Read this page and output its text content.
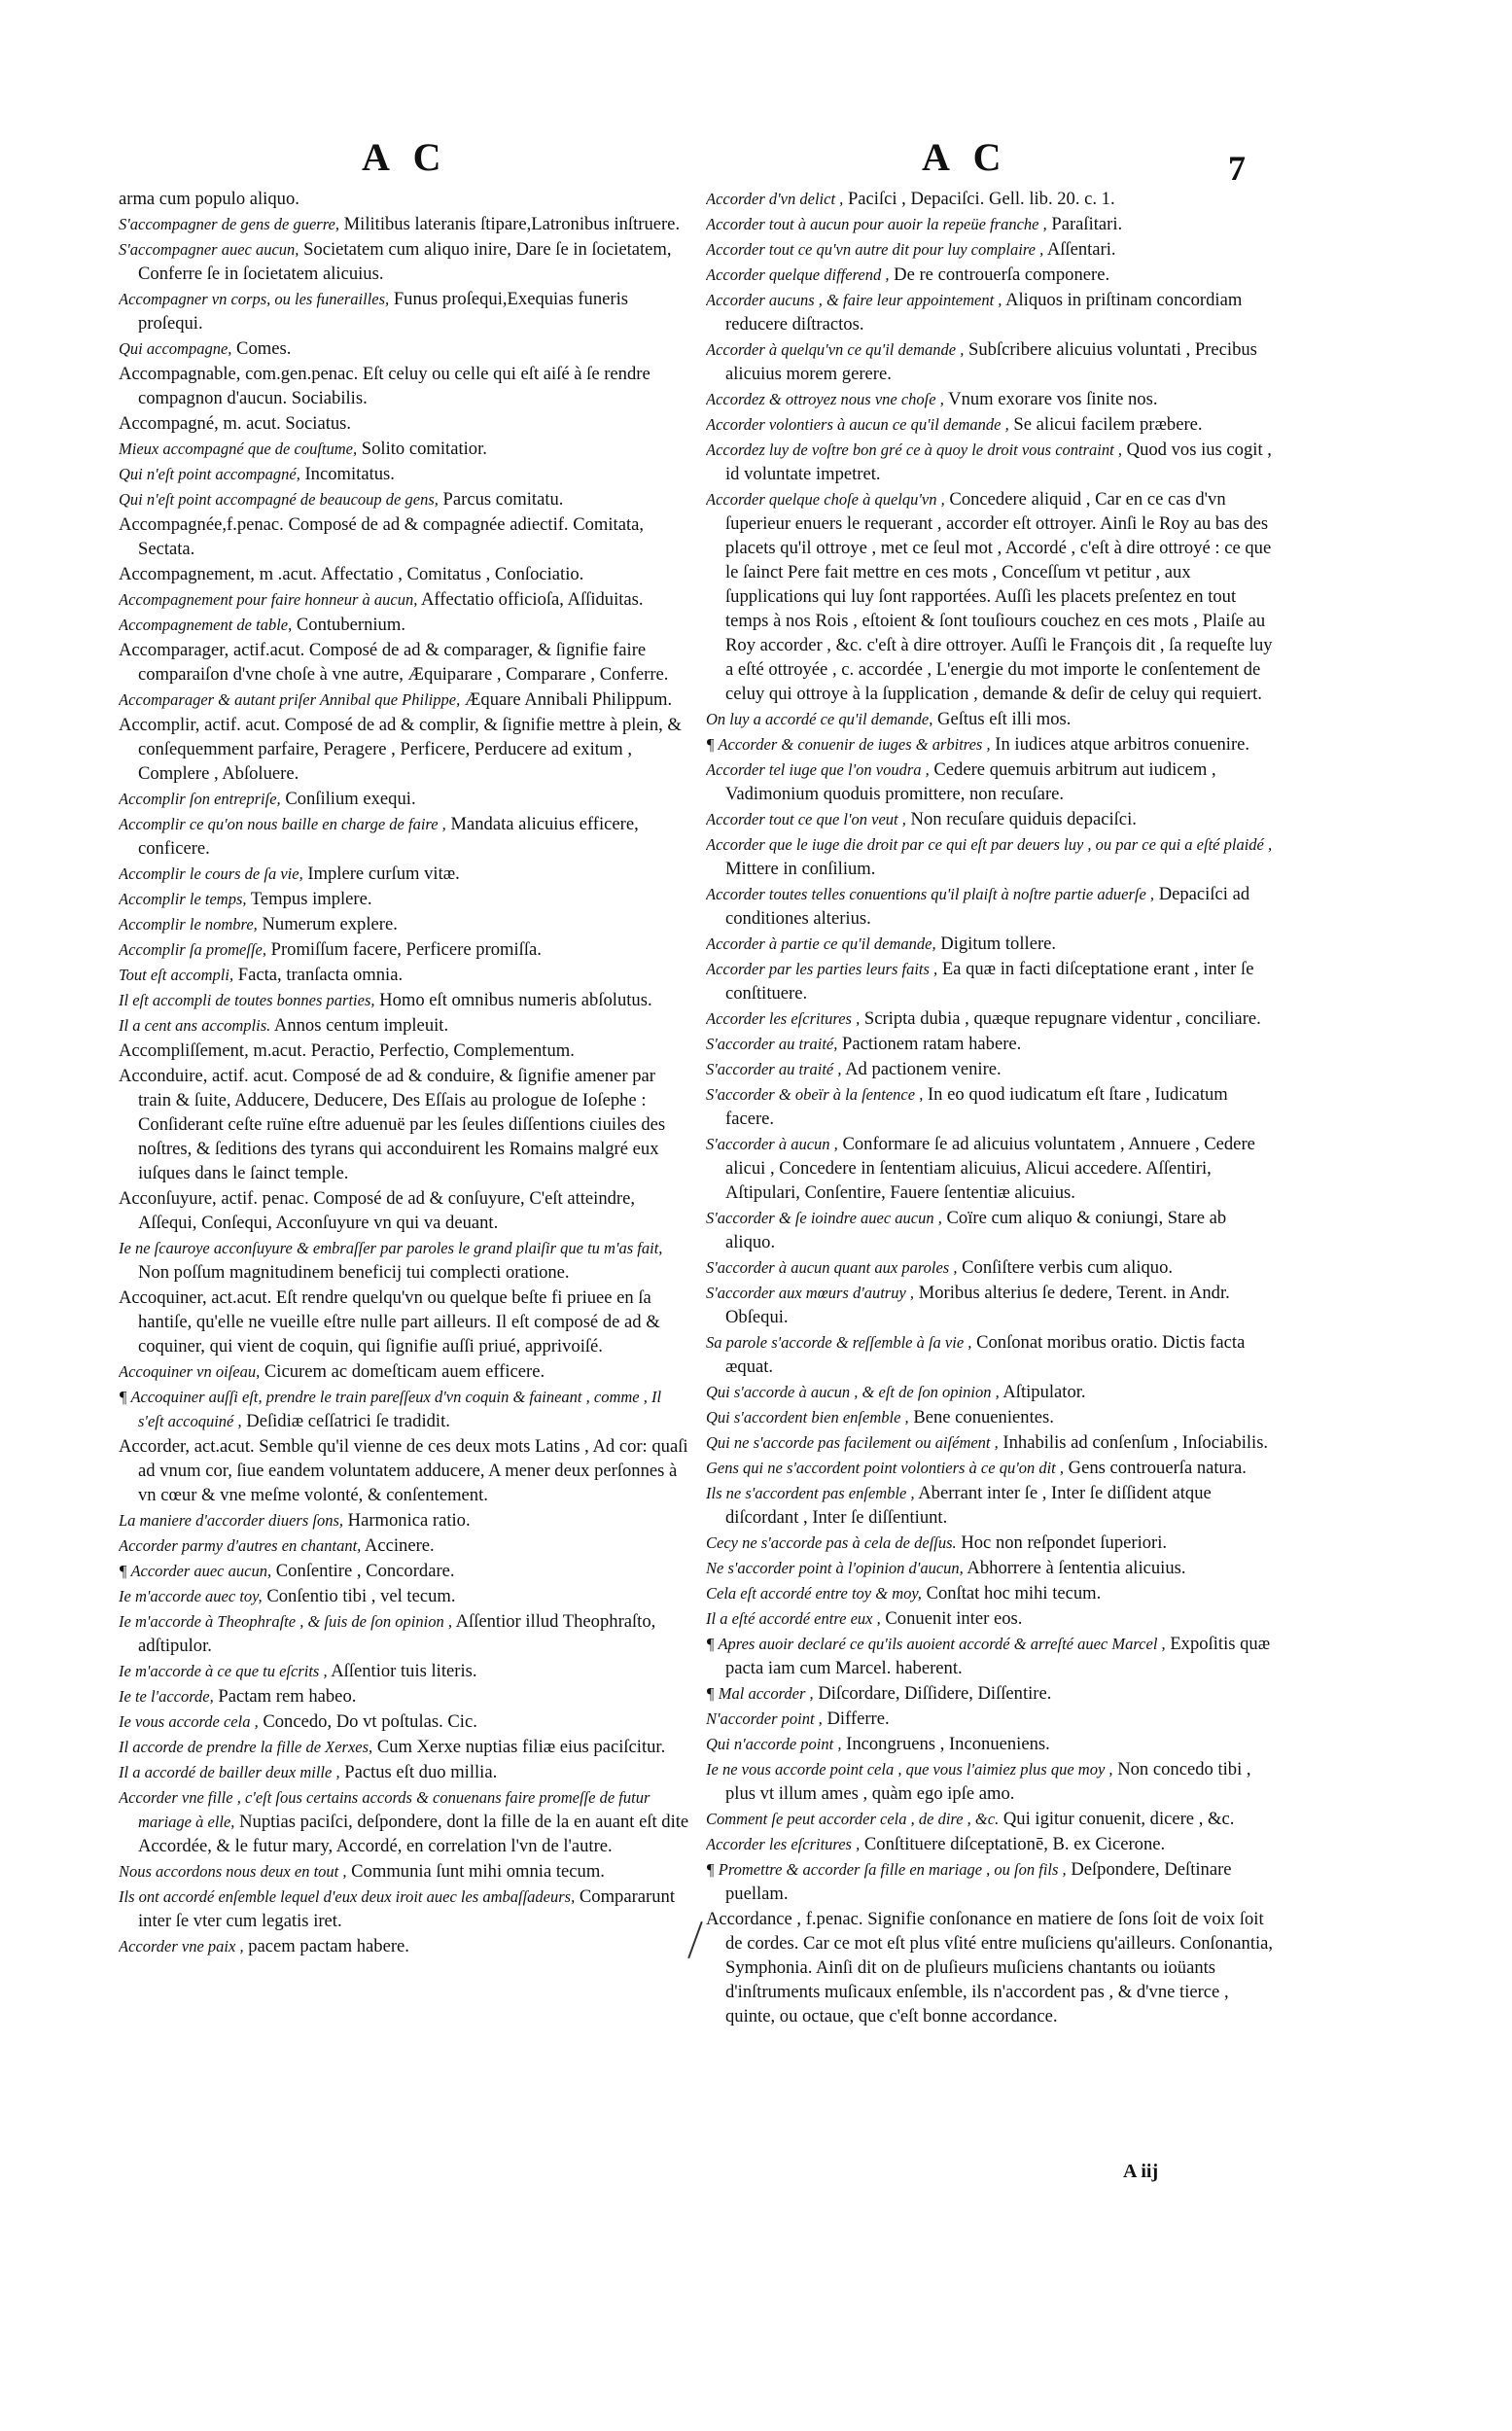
A C	A C	7

arma cum populo aliquo.

S'accompagner de gens de guerre, Militibus lateranis ſtipare,Latronibus inſtruere.

S'accompagner auec aucun, Societatem cum aliquo inire, Dare ſe in ſocietatem, Conferre ſe in ſocietatem alicuius.

Accompagner vn corps, ou les funerailles, Funus proſequi,Exequias funeris proſequi.

Qui accompagne, Comes.

Accompagnable, com.gen.penac. Eſt celuy ou celle qui eſt aiſé à ſe rendre compagnon d'aucun. Sociabilis.

Accompagné, m. acut. Sociatus.

Mieux accompagné que de couſtume, Solito comitatior.

Qui n'eſt point accompagné, Incomitatus.

Qui n'eſt point accompagné de beaucoup de gens, Parcus comitatu.

Accompagnée,f.penac. Composé de ad & compagnée adiectif. Comitata, Sectata.

Accompagnement, m .acut. Affectatio , Comitatus , Conſociatio.

Accompagnement pour faire honneur à aucun, Affectatio officioſa, Aſſiduitas.

Accompagnement de table, Contubernium.

Accomparager, actif.acut. Composé de ad & comparager, & ſignifie faire comparaiſon d'vne choſe à vne autre, Æquiparare , Comparare , Conferre.

Accomparager & autant priſer Annibal que Philippe, Æquare Annibali Philippum.

Accomplir, actif. acut. Composé de ad & complir, & ſignifie mettre à plein, & conſequemment parfaire, Peragere , Perficere, Perducere ad exitum , Complere , Abſoluere.

Accomplir ſon entrepriſe, Conſilium exequi.

Accomplir ce qu'on nous baille en charge de faire , Mandata alicuius efficere, conficere.

Accomplir le cours de ſa vie, Implere curſum vitæ.

Accomplir le temps, Tempus implere.

Accomplir le nombre, Numerum explere.

Accomplir ſa promeſſe, Promiſſum facere, Perficere promiſſa.

Tout eſt accompli, Facta, tranſacta omnia.

Il eſt accompli de toutes bonnes parties, Homo eſt omnibus numeris abſolutus.

Il a cent ans accomplis. Annos centum impleuit.

Accompliſſement, m.acut. Peractio, Perfectio, Complementum.

Acconduire, actif. acut. Composé de ad & conduire, & ſignifie amener par train & ſuite, Adducere, Deducere, Des Eſſais au prologue de Ioſephe : Conſiderant ceſte ruïne eſtre aduenuë par les ſeules diſſentions ciuiles des noſtres, & ſeditions des tyrans qui acconduirent les Romains malgré eux iuſques dans le ſainct temple.

Acconſuyure, actif. penac. Composé de ad & conſuyure, C'eſt atteindre, Aſſequi, Conſequi, Acconſuyure vn qui va deuant.

Ie ne ſcauroye acconſuyure & embraſſer par paroles le grand plaiſir que tu m'as fait, Non poſſum magnitudinem beneficij tui complecti oratione.

Accoquiner, act.acut. Eſt rendre quelqu'vn ou quelque beſte fi priuee en ſa hantiſe, qu'elle ne vueille eſtre nulle part ailleurs. Il eſt composé de ad & coquiner, qui vient de coquin, qui ſignifie auſſi priué, apprivoiſé.

Accoquiner vn oiſeau, Cicurem ac domeſticam auem efficere.

¶ Accoquiner auſſi eſt, prendre le train pareſſeux d'vn coquin & faineant , comme , Il s'eſt accoquiné , Deſidiæ ceſſatrici ſe tradidit.

Accorder, act.acut. Semble qu'il vienne de ces deux mots Latins , Ad cor: quaſi ad vnum cor, ſiue eandem voluntatem adducere, A mener deux perſonnes à vn cœur & vne meſme volonté, & conſentement.

La maniere d'accorder diuers ſons, Harmonica ratio.

Accorder parmy d'autres en chantant, Accinere.

¶ Accorder auec aucun, Conſentire , Concordare.

Ie m'accorde auec toy, Conſentio tibi , vel tecum.

Ie m'accorde à Theophraſte , & ſuis de ſon opinion , Aſſentior illud Theophraſto, adſtipulor.

Ie m'accorde à ce que tu eſcrits , Aſſentior tuis literis.

Ie te l'accorde, Pactam rem habeo.

Ie vous accorde cela , Concedo, Do vt poſtulas. Cic.

Il accorde de prendre la fille de Xerxes, Cum Xerxe nuptias filiæ eius paciſcitur.

Il a accordé de bailler deux mille , Pactus eſt duo millia.

Accorder vne fille , c'eſt ſous certains accords & conuenans faire promeſſe de futur mariage à elle, Nuptias paciſci, deſpondere, dont la fille de la en auant eſt dite Accordée, & le futur mary, Accordé, en correlation l'vn de l'autre.

Nous accordons nous deux en tout , Communia ſunt mihi omnia tecum.

Ils ont accordé enſemble lequel d'eux deux iroit auec les ambaſſadeurs, Compararunt inter ſe vter cum legatis iret.

Accorder vne paix , pacem pactam habere.

Accorder d'vn delict , Paciſci , Depaciſci. Gell. lib. 20. c. 1.

Accorder tout à aucun pour auoir la repeüe franche , Paraſitari.

Accorder tout ce qu'vn autre dit pour luy complaire , Aſſentari.

Accorder quelque differend , De re controuerſa componere.

Accorder aucuns , & faire leur appointement , Aliquos in priſtinam concordiam reducere diſtractos.

Accorder à quelqu'vn ce qu'il demande , Subſcribere alicuius voluntati , Precibus alicuius morem gerere.

Accordez & ottroyez nous vne choſe , Vnum exorare vos ſinite nos.

Accorder volontiers à aucun ce qu'il demande , Se alicui facilem præbere.

Accordez luy de voſtre bon gré ce à quoy le droit vous contraint , Quod vos ius cogit , id voluntate impetret.

Accorder quelque choſe à quelqu'vn , Concedere aliquid , Car en ce cas d'vn ſuperieur enuers le requerant , accorder eſt ottroyer. Ainſi le Roy au bas des placets qu'il ottroye , met ce ſeul mot , Accordé , c'eſt à dire ottroyé : ce que le ſainct Pere fait mettre en ces mots , Conceſſum vt petitur , aux ſupplications qui luy ſont rapportées. Auſſi les placets preſentez en tout temps à nos Rois , eſtoient & ſont touſiours couchez en ces mots , Plaiſe au Roy accorder , &c. c'eſt à dire ottroyer. Auſſi le François dit , ſa requeſte luy a eſté ottroyée , c. accordée , L'energie du mot importe le conſentement de celuy qui ottroye à la ſupplication , demande & deſir de celuy qui requiert.

On luy a accordé ce qu'il demande, Geſtus eſt illi mos.

¶ Accorder & conuenir de iuges & arbitres , In iudices atque arbitros conuenire.

Accorder tel iuge que l'on voudra , Cedere quemuis arbitrum aut iudicem , Vadimonium quoduis promittere, non recuſare.

Accorder tout ce que l'on veut , Non recuſare quiduis depaciſci.

Accorder que le iuge die droit par ce qui eſt par deuers luy , ou par ce qui a eſté plaidé , Mittere in conſilium.

Accorder toutes telles conuentions qu'il plaiſt à noſtre partie aduerſe , Depaciſci ad conditiones alterius.

Accorder à partie ce qu'il demande, Digitum tollere.

Accorder par les parties leurs faits , Ea quæ in facti diſceptatione erant , inter ſe conſtituere.

Accorder les eſcritures , Scripta dubia , quæque repugnare videntur , conciliare.

S'accorder au traité, Pactionem ratam habere.

S'accorder au traité , Ad pactionem venire.

S'accorder & obeïr à la ſentence , In eo quod iudicatum eſt ſtare , Iudicatum facere.

S'accorder à aucun , Conformare ſe ad alicuius voluntatem , Annuere , Cedere alicui , Concedere in ſententiam alicuius, Alicui accedere. Aſſentiri, Aſtipulari, Conſentire, Fauere ſententiæ alicuius.

S'accorder & ſe ioindre auec aucun , Coïre cum aliquo & coniungi, Stare ab aliquo.

S'accorder à aucun quant aux paroles , Conſiſtere verbis cum aliquo.

S'accorder aux mœurs d'autruy , Moribus alterius ſe dedere, Terent. in Andr. Obſequi.

Sa parole s'accorde & reſſemble à ſa vie , Conſonat moribus oratio. Dictis facta æquat.

Qui s'accorde à aucun , & eſt de ſon opinion , Aſtipulator.

Qui s'accordent bien enſemble , Bene conuenientes.

Qui ne s'accorde pas facilement ou aiſément , Inhabilis ad conſenſum , Inſociabilis.

Gens qui ne s'accordent point volontiers à ce qu'on dit , Gens controuerſa natura.

Ils ne s'accordent pas enſemble , Aberrant inter ſe , Inter ſe diſſident atque diſcordant , Inter ſe diſſentiunt.

Cecy ne s'accorde pas à cela de deſſus. Hoc non reſpondet ſuperiori.

Ne s'accorder point à l'opinion d'aucun, Abhorrere à ſententia alicuius.

Cela eſt accordé entre toy & moy, Conſtat hoc mihi tecum.

Il a eſté accordé entre eux , Conuenit inter eos.

¶ Apres auoir declaré ce qu'ils auoient accordé & arreſté auec Marcel , Expoſitis quæ pacta iam cum Marcel. haberent.

¶ Mal accorder , Diſcordare, Diſſidere, Diſſentire.

N'accorder point , Differre.

Qui n'accorde point , Incongruens , Inconueniens.

Ie ne vous accorde point cela , que vous l'aimiez plus que moy , Non concedo tibi , plus vt illum ames , quàm ego ipſe amo.

Comment ſe peut accorder cela , de dire , &c. Qui igitur conuenit, dicere , &c.

Accorder les eſcritures , Conſtituere diſceptationē, B. ex Cicerone.

¶ Promettre & accorder ſa fille en mariage , ou ſon fils , Deſpondere, Deſtinare puellam.

Accordance , f.penac. Signifie conſonance en matiere de ſons ſoit de voix ſoit de cordes. Car ce mot eſt plus vſité entre muſiciens qu'ailleurs. Conſonantia, Symphonia. Ainſi dit on de pluſieurs muſiciens chantants ou ioüants d'inſtruments muſicaux enſemble, ils n'accordent pas , & d'vne tierce , quinte, ou octaue, que c'eſt bonne accordance.

A iij
